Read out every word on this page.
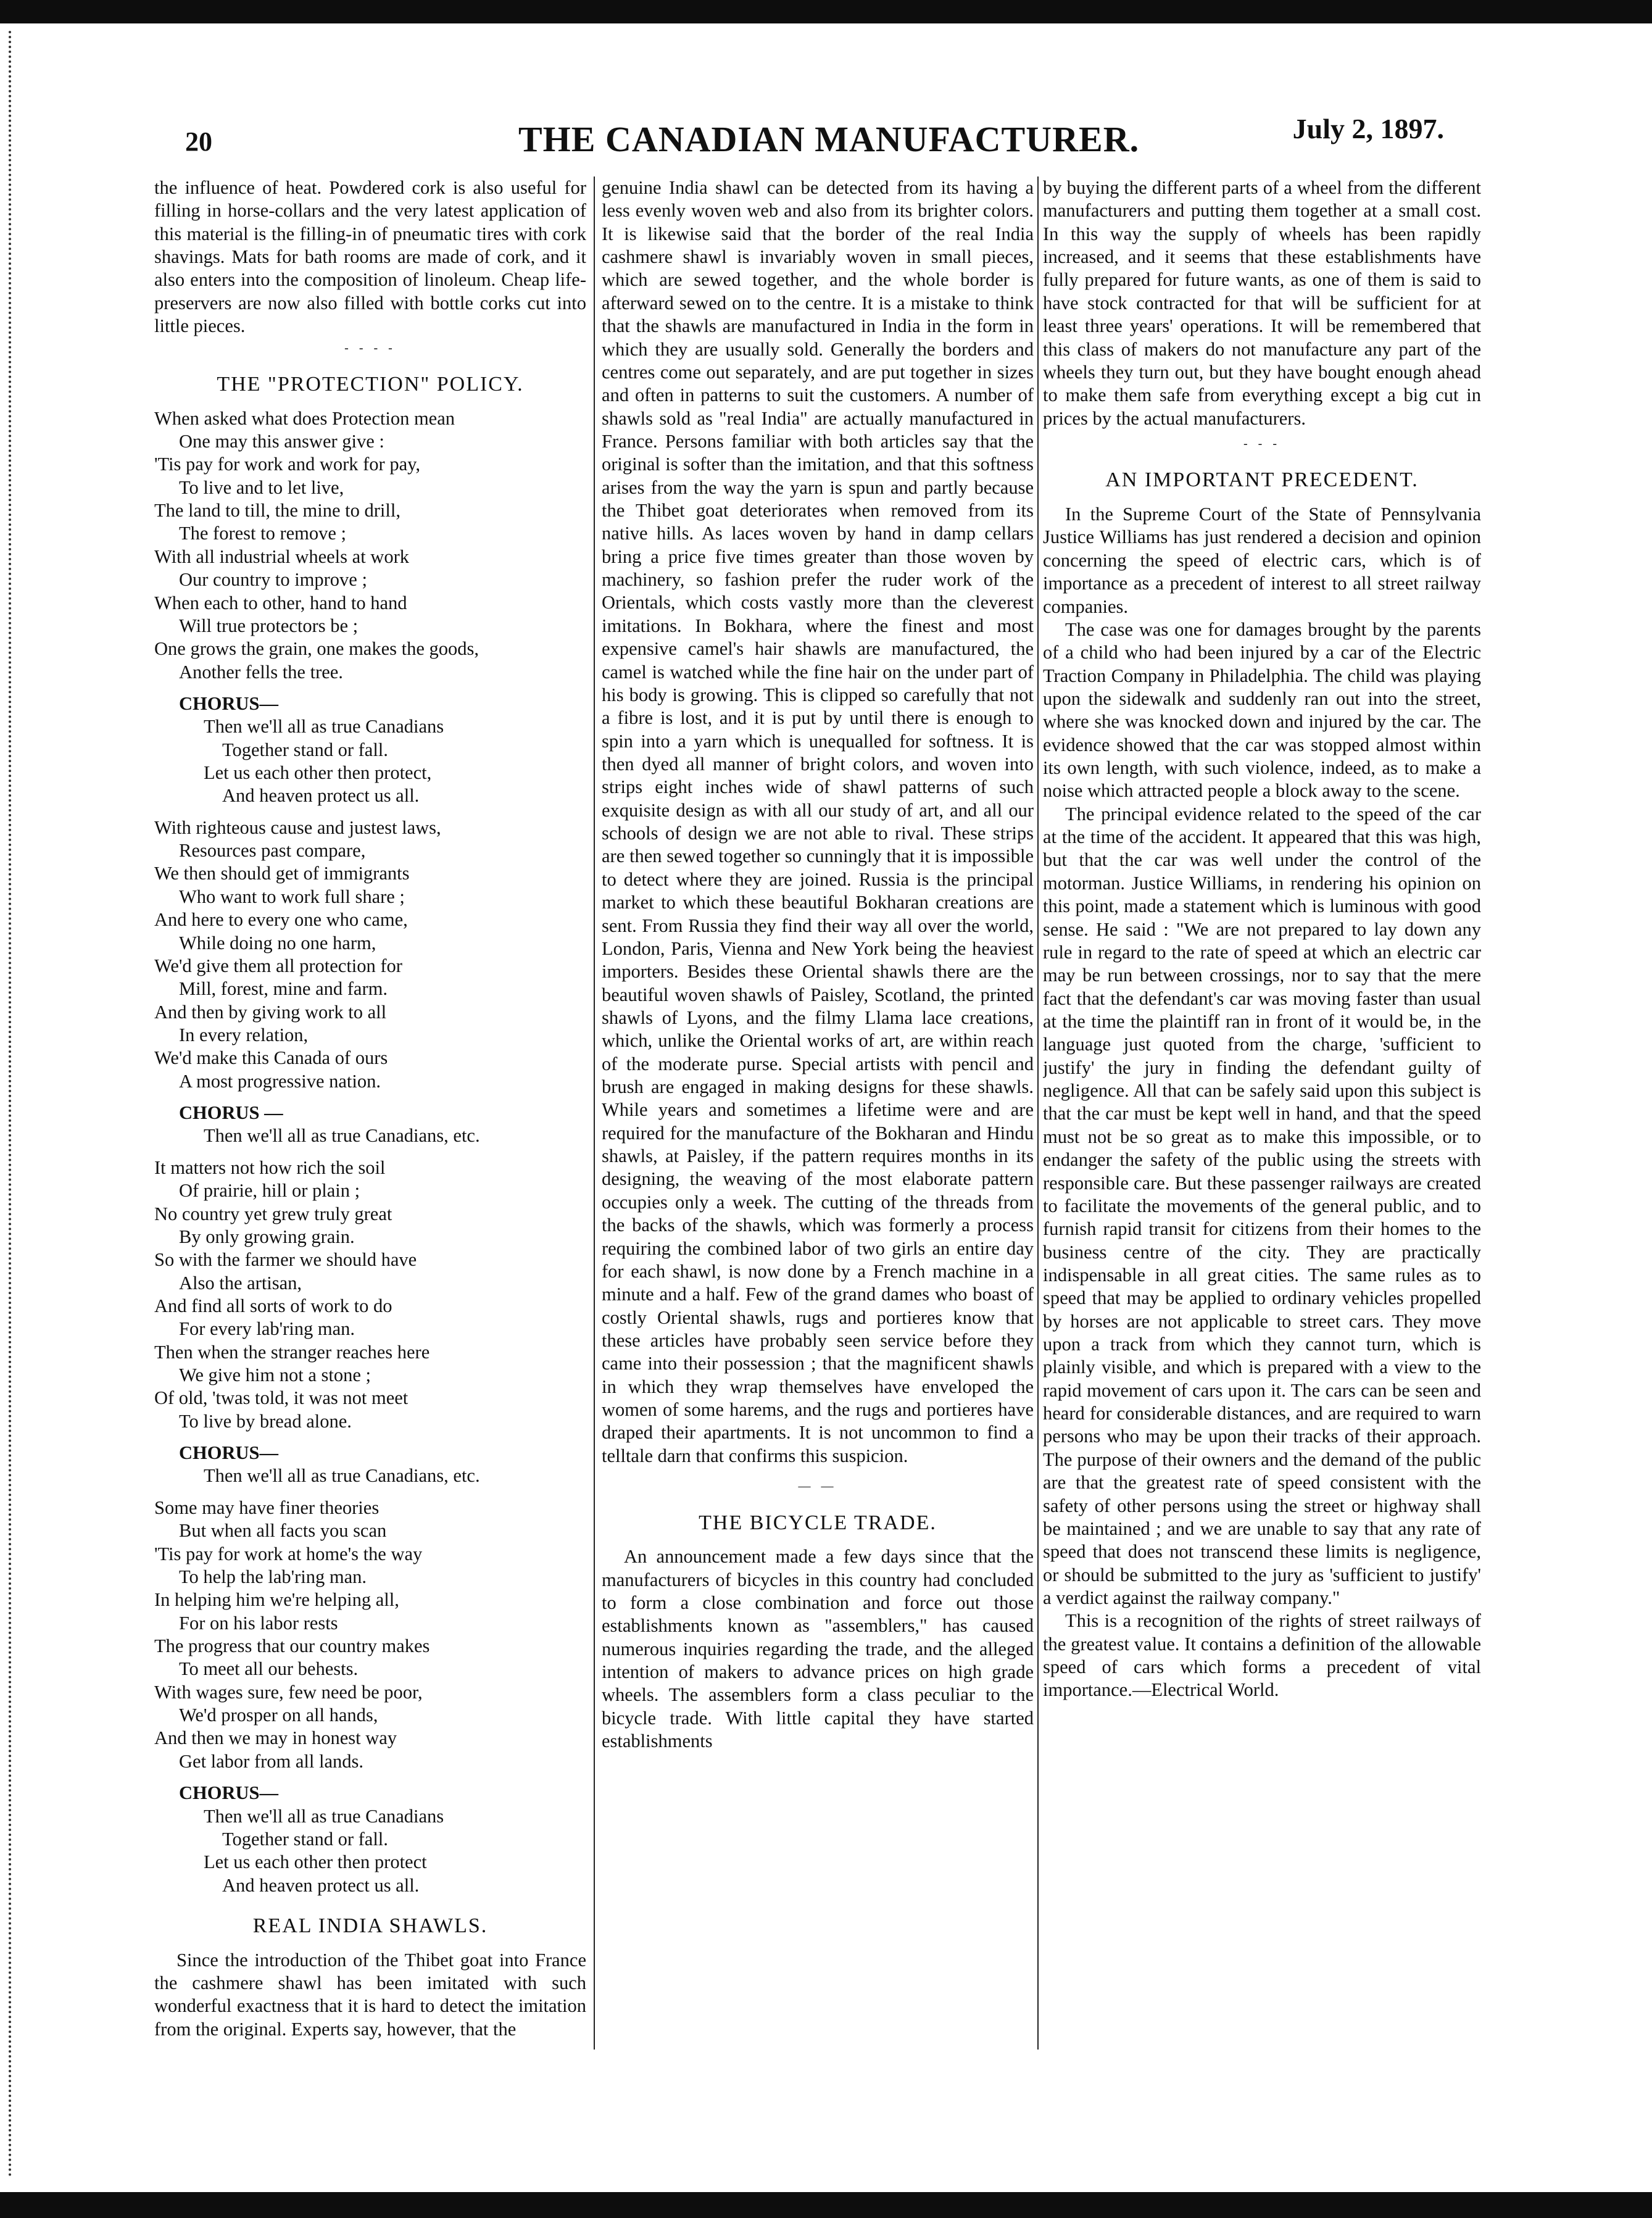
20	THE CANADIAN MANUFACTURER.	July 2, 1897.

the influence of heat. Powdered cork is also useful for filling in horse-collars and the very latest application of this material is the filling-in of pneumatic tires with cork shavings. Mats for bath rooms are made of cork, and it also enters into the composition of linoleum. Cheap life-preservers are now also filled with bottle corks cut into little pieces.

- - - -
THE "PROTECTION" POLICY.
When asked what does Protection mean
One may this answer give :
'Tis pay for work and work for pay,
To live and to let live,
The land to till, the mine to drill,
The forest to remove ;
With all industrial wheels at work
Our country to improve ;
When each to other, hand to hand
Will true protectors be ;
One grows the grain, one makes the goods,
Another fells the tree.
CHORUS—
Then we'll all as true Canadians
Together stand or fall.
Let us each other then protect,
And heaven protect us all.
With righteous cause and justest laws,
Resources past compare,
We then should get of immigrants
Who want to work full share ;
And here to every one who came,
While doing no one harm,
We'd give them all protection for
Mill, forest, mine and farm.
And then by giving work to all
In every relation,
We'd make this Canada of ours
A most progressive nation.
CHORUS —
Then we'll all as true Canadians, etc.
It matters not how rich the soil
Of prairie, hill or plain ;
No country yet grew truly great
By only growing grain.
So with the farmer we should have
Also the artisan,
And find all sorts of work to do
For every lab'ring man.
Then when the stranger reaches here
We give him not a stone ;
Of old, 'twas told, it was not meet
To live by bread alone.
CHORUS—
Then we'll all as true Canadians, etc.
Some may have finer theories
But when all facts you scan
'Tis pay for work at home's the way
To help the lab'ring man.
In helping him we're helping all,
For on his labor rests
The progress that our country makes
To meet all our behests.
With wages sure, few need be poor,
We'd prosper on all hands,
And then we may in honest way
Get labor from all lands.
CHORUS—
Then we'll all as true Canadians
Together stand or fall.
Let us each other then protect
And heaven protect us all.
REAL INDIA SHAWLS.

Since the introduction of the Thibet goat into France the cashmere shawl has been imitated with such wonderful exactness that it is hard to detect the imitation from the original. Experts say, however, that the

genuine India shawl can be detected from its having a less evenly woven web and also from its brighter colors. It is likewise said that the border of the real India cashmere shawl is invariably woven in small pieces, which are sewed together, and the whole border is afterward sewed on to the centre. It is a mistake to think that the shawls are manufactured in India in the form in which they are usually sold. Generally the borders and centres come out separately, and are put together in sizes and often in patterns to suit the customers. A number of shawls sold as "real India" are actually manufactured in France. Persons familiar with both articles say that the original is softer than the imitation, and that this softness arises from the way the yarn is spun and partly because the Thibet goat deteriorates when removed from its native hills. As laces woven by hand in damp cellars bring a price five times greater than those woven by machinery, so fashion prefer the ruder work of the Orientals, which costs vastly more than the cleverest imitations. In Bokhara, where the finest and most expensive camel's hair shawls are manufactured, the camel is watched while the fine hair on the under part of his body is growing. This is clipped so carefully that not a fibre is lost, and it is put by until there is enough to spin into a yarn which is unequalled for softness. It is then dyed all manner of bright colors, and woven into strips eight inches wide of shawl patterns of such exquisite design as with all our study of art, and all our schools of design we are not able to rival. These strips are then sewed together so cunningly that it is impossible to detect where they are joined. Russia is the principal market to which these beautiful Bokharan creations are sent. From Russia they find their way all over the world, London, Paris, Vienna and New York being the heaviest importers. Besides these Oriental shawls there are the beautiful woven shawls of Paisley, Scotland, the printed shawls of Lyons, and the filmy Llama lace creations, which, unlike the Oriental works of art, are within reach of the moderate purse. Special artists with pencil and brush are engaged in making designs for these shawls. While years and sometimes a lifetime were and are required for the manufacture of the Bokharan and Hindu shawls, at Paisley, if the pattern requires months in its designing, the weaving of the most elaborate pattern occupies only a week. The cutting of the threads from the backs of the shawls, which was formerly a process requiring the combined labor of two girls an entire day for each shawl, is now done by a French machine in a minute and a half. Few of the grand dames who boast of costly Oriental shawls, rugs and portieres know that these articles have probably seen service before they came into their possession ; that the magnificent shawls in which they wrap themselves have enveloped the women of some harems, and the rugs and portieres have draped their apartments. It is not uncommon to find a telltale darn that confirms this suspicion.

— —
THE BICYCLE TRADE.

An announcement made a few days since that the manufacturers of bicycles in this country had concluded to form a close combination and force out those establishments known as "assemblers," has caused numerous inquiries regarding the trade, and the alleged intention of makers to advance prices on high grade wheels. The assemblers form a class peculiar to the bicycle trade. With little capital they have started establishments

by buying the different parts of a wheel from the different manufacturers and putting them together at a small cost. In this way the supply of wheels has been rapidly increased, and it seems that these establishments have fully prepared for future wants, as one of them is said to have stock contracted for that will be sufficient for at least three years' operations. It will be remembered that this class of makers do not manufacture any part of the wheels they turn out, but they have bought enough ahead to make them safe from everything except a big cut in prices by the actual manufacturers.

- - -
AN IMPORTANT PRECEDENT.

In the Supreme Court of the State of Pennsylvania Justice Williams has just rendered a decision and opinion concerning the speed of electric cars, which is of importance as a precedent of interest to all street railway companies.

The case was one for damages brought by the parents of a child who had been injured by a car of the Electric Traction Company in Philadelphia. The child was playing upon the sidewalk and suddenly ran out into the street, where she was knocked down and injured by the car. The evidence showed that the car was stopped almost within its own length, with such violence, indeed, as to make a noise which attracted people a block away to the scene.

The principal evidence related to the speed of the car at the time of the accident. It appeared that this was high, but that the car was well under the control of the motorman. Justice Williams, in rendering his opinion on this point, made a statement which is luminous with good sense. He said : "We are not prepared to lay down any rule in regard to the rate of speed at which an electric car may be run between crossings, nor to say that the mere fact that the defendant's car was moving faster than usual at the time the plaintiff ran in front of it would be, in the language just quoted from the charge, 'sufficient to justify' the jury in finding the defendant guilty of negligence. All that can be safely said upon this subject is that the car must be kept well in hand, and that the speed must not be so great as to make this impossible, or to endanger the safety of the public using the streets with responsible care. But these passenger railways are created to facilitate the movements of the general public, and to furnish rapid transit for citizens from their homes to the business centre of the city. They are practically indispensable in all great cities. The same rules as to speed that may be applied to ordinary vehicles propelled by horses are not applicable to street cars. They move upon a track from which they cannot turn, which is plainly visible, and which is prepared with a view to the rapid movement of cars upon it. The cars can be seen and heard for considerable distances, and are required to warn persons who may be upon their tracks of their approach. The purpose of their owners and the demand of the public are that the greatest rate of speed consistent with the safety of other persons using the street or highway shall be maintained ; and we are unable to say that any rate of speed that does not transcend these limits is negligence, or should be submitted to the jury as 'sufficient to justify' a verdict against the railway company."

This is a recognition of the rights of street railways of the greatest value. It contains a definition of the allowable speed of cars which forms a precedent of vital importance.—Electrical World.
